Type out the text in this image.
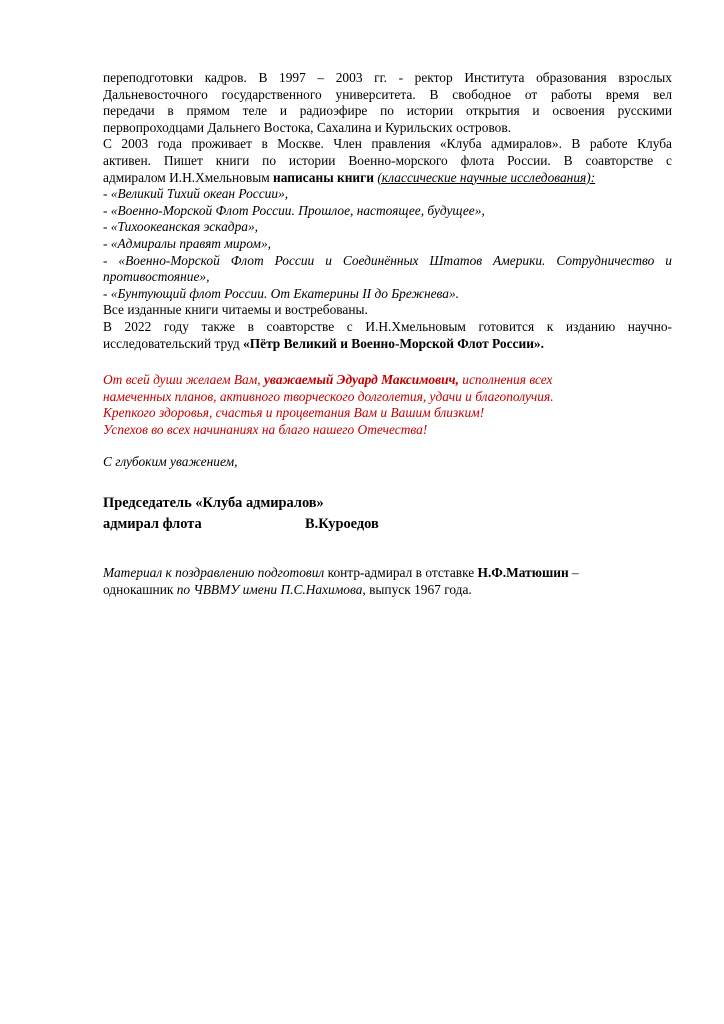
переподготовки кадров. В 1997 – 2003 гг. - ректор Института образования взрослых

Дальневосточного государственного университета. В свободное от работы время вел

передачи в прямом теле и радиоэфире по истории открытия и освоения русскими

первопроходцами Дальнего Востока, Сахалина и Курильских островов.

С 2003 года проживает в Москве. Член правления «Клуба адмиралов». В работе Клуба

активен. Пишет книги по истории Военно-морского флота России. В соавторстве с

адмиралом И.Н.Хмельновым написаны книги (классические научные исследования):

- «Великий Тихий океан России»,

- «Военно-Морской Флот России. Прошлое, настоящее, будущее»,

- «Тихоокеанская эскадра»,

- «Адмиралы правят миром»,

- «Военно-Морской Флот России и Соединённых Штатов Америки. Сотрудничество и

противостояние»,

- «Бунтующий флот России. От Екатерины II до Брежнева».

Все изданные книги читаемы и востребованы.

В 2022 году также в соавторстве с И.Н.Хмельновым готовится к изданию научно-

исследовательский труд «Пётр Великий и Военно-Морской Флот России».

От всей души желаем Вам, уважаемый Эдуард Максимович, исполнения всех

намеченных планов, активного творческого долголетия, удачи и благополучия.

Крепкого здоровья, счастья и процветания Вам и Вашим близким!

Успехов во всех начинаниях на благо нашего Отечества!

С глубоким уважением,

Председатель «Клуба адмиралов»

адмирал флота	В.Куроедов

Материал к поздравлению подготовил контр-адмирал в отставке Н.Ф.Матюшин –

однокашник по ЧВВМУ имени П.С.Нахимова, выпуск 1967 года.
